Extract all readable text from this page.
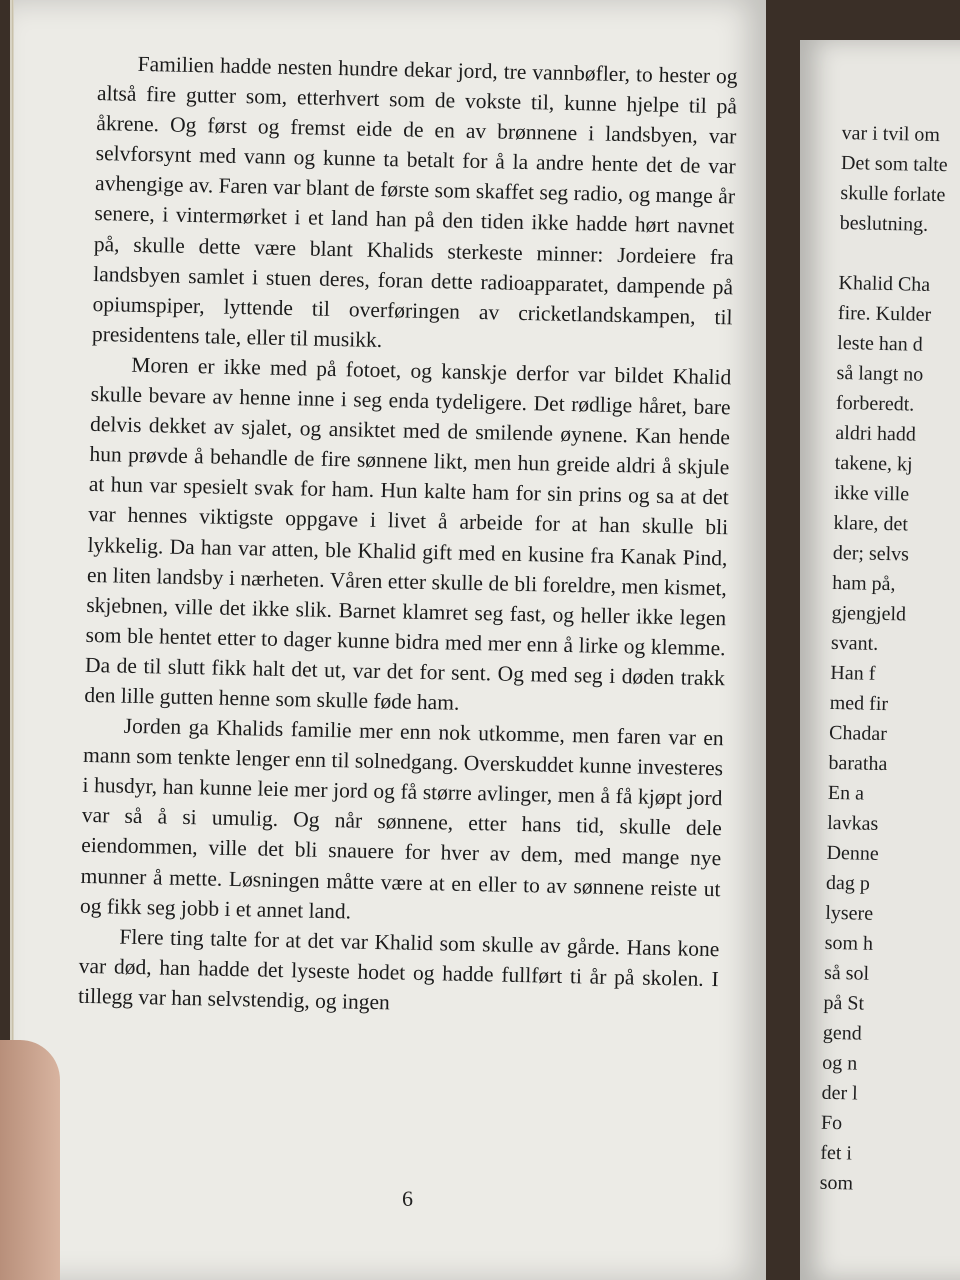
Familien hadde nesten hundre dekar jord, tre vannbøfler, to hester og altså fire gutter som, etterhvert som de vokste til, kunne hjelpe til på åkrene. Og først og fremst eide de en av brønnene i landsbyen, var selvforsynt med vann og kunne ta betalt for å la andre hente det de var avhengige av. Faren var blant de første som skaffet seg radio, og mange år senere, i vintermørket i et land han på den tiden ikke hadde hørt navnet på, skulle dette være blant Khalids sterkeste minner: Jordeiere fra landsbyen samlet i stuen deres, foran dette radioapparatet, dampende på opiumspiper, lyttende til overføringen av cricketlandskampen, til presidentens tale, eller til musikk.

Moren er ikke med på fotoet, og kanskje derfor var bildet Khalid skulle bevare av henne inne i seg enda tydeligere. Det rødlige håret, bare delvis dekket av sjalet, og ansiktet med de smilende øynene. Kan hende hun prøvde å behandle de fire sønnene likt, men hun greide aldri å skjule at hun var spesielt svak for ham. Hun kalte ham for sin prins og sa at det var hennes viktigste oppgave i livet å arbeide for at han skulle bli lykkelig. Da han var atten, ble Khalid gift med en kusine fra Kanak Pind, en liten landsby i nærheten. Våren etter skulle de bli foreldre, men kismet, skjebnen, ville det ikke slik. Barnet klamret seg fast, og heller ikke legen som ble hentet etter to dager kunne bidra med mer enn å lirke og klemme. Da de til slutt fikk halt det ut, var det for sent. Og med seg i døden trakk den lille gutten henne som skulle føde ham.

Jorden ga Khalids familie mer enn nok utkomme, men faren var en mann som tenkte lenger enn til solnedgang. Overskuddet kunne investeres i husdyr, han kunne leie mer jord og få større avlinger, men å få kjøpt jord var så å si umulig. Og når sønnene, etter hans tid, skulle dele eiendommen, ville det bli snauere for hver av dem, med mange nye munner å mette. Løsningen måtte være at en eller to av sønnene reiste ut og fikk seg jobb i et annet land.

Flere ting talte for at det var Khalid som skulle av gårde. Hans kone var død, han hadde det lyseste hodet og hadde fullført ti år på skolen. I tillegg var han selvstendig, og ingen

6
var i tvil om
Det som talte
skulle forlate
beslutning.
Khalid Cha
fire. Kulder
leste han d
så langt no
forberedt.
aldri hadd
takene, kj
ikke ville
klare, det
der; selvs
ham på,
gjengjeld
svant.
Han f
med fir
Chadar
baratha
En a
lavkas
Denne
dag p
lysere
som h
så sol
på St
gend
og n
der l
Fo
fet i
som
